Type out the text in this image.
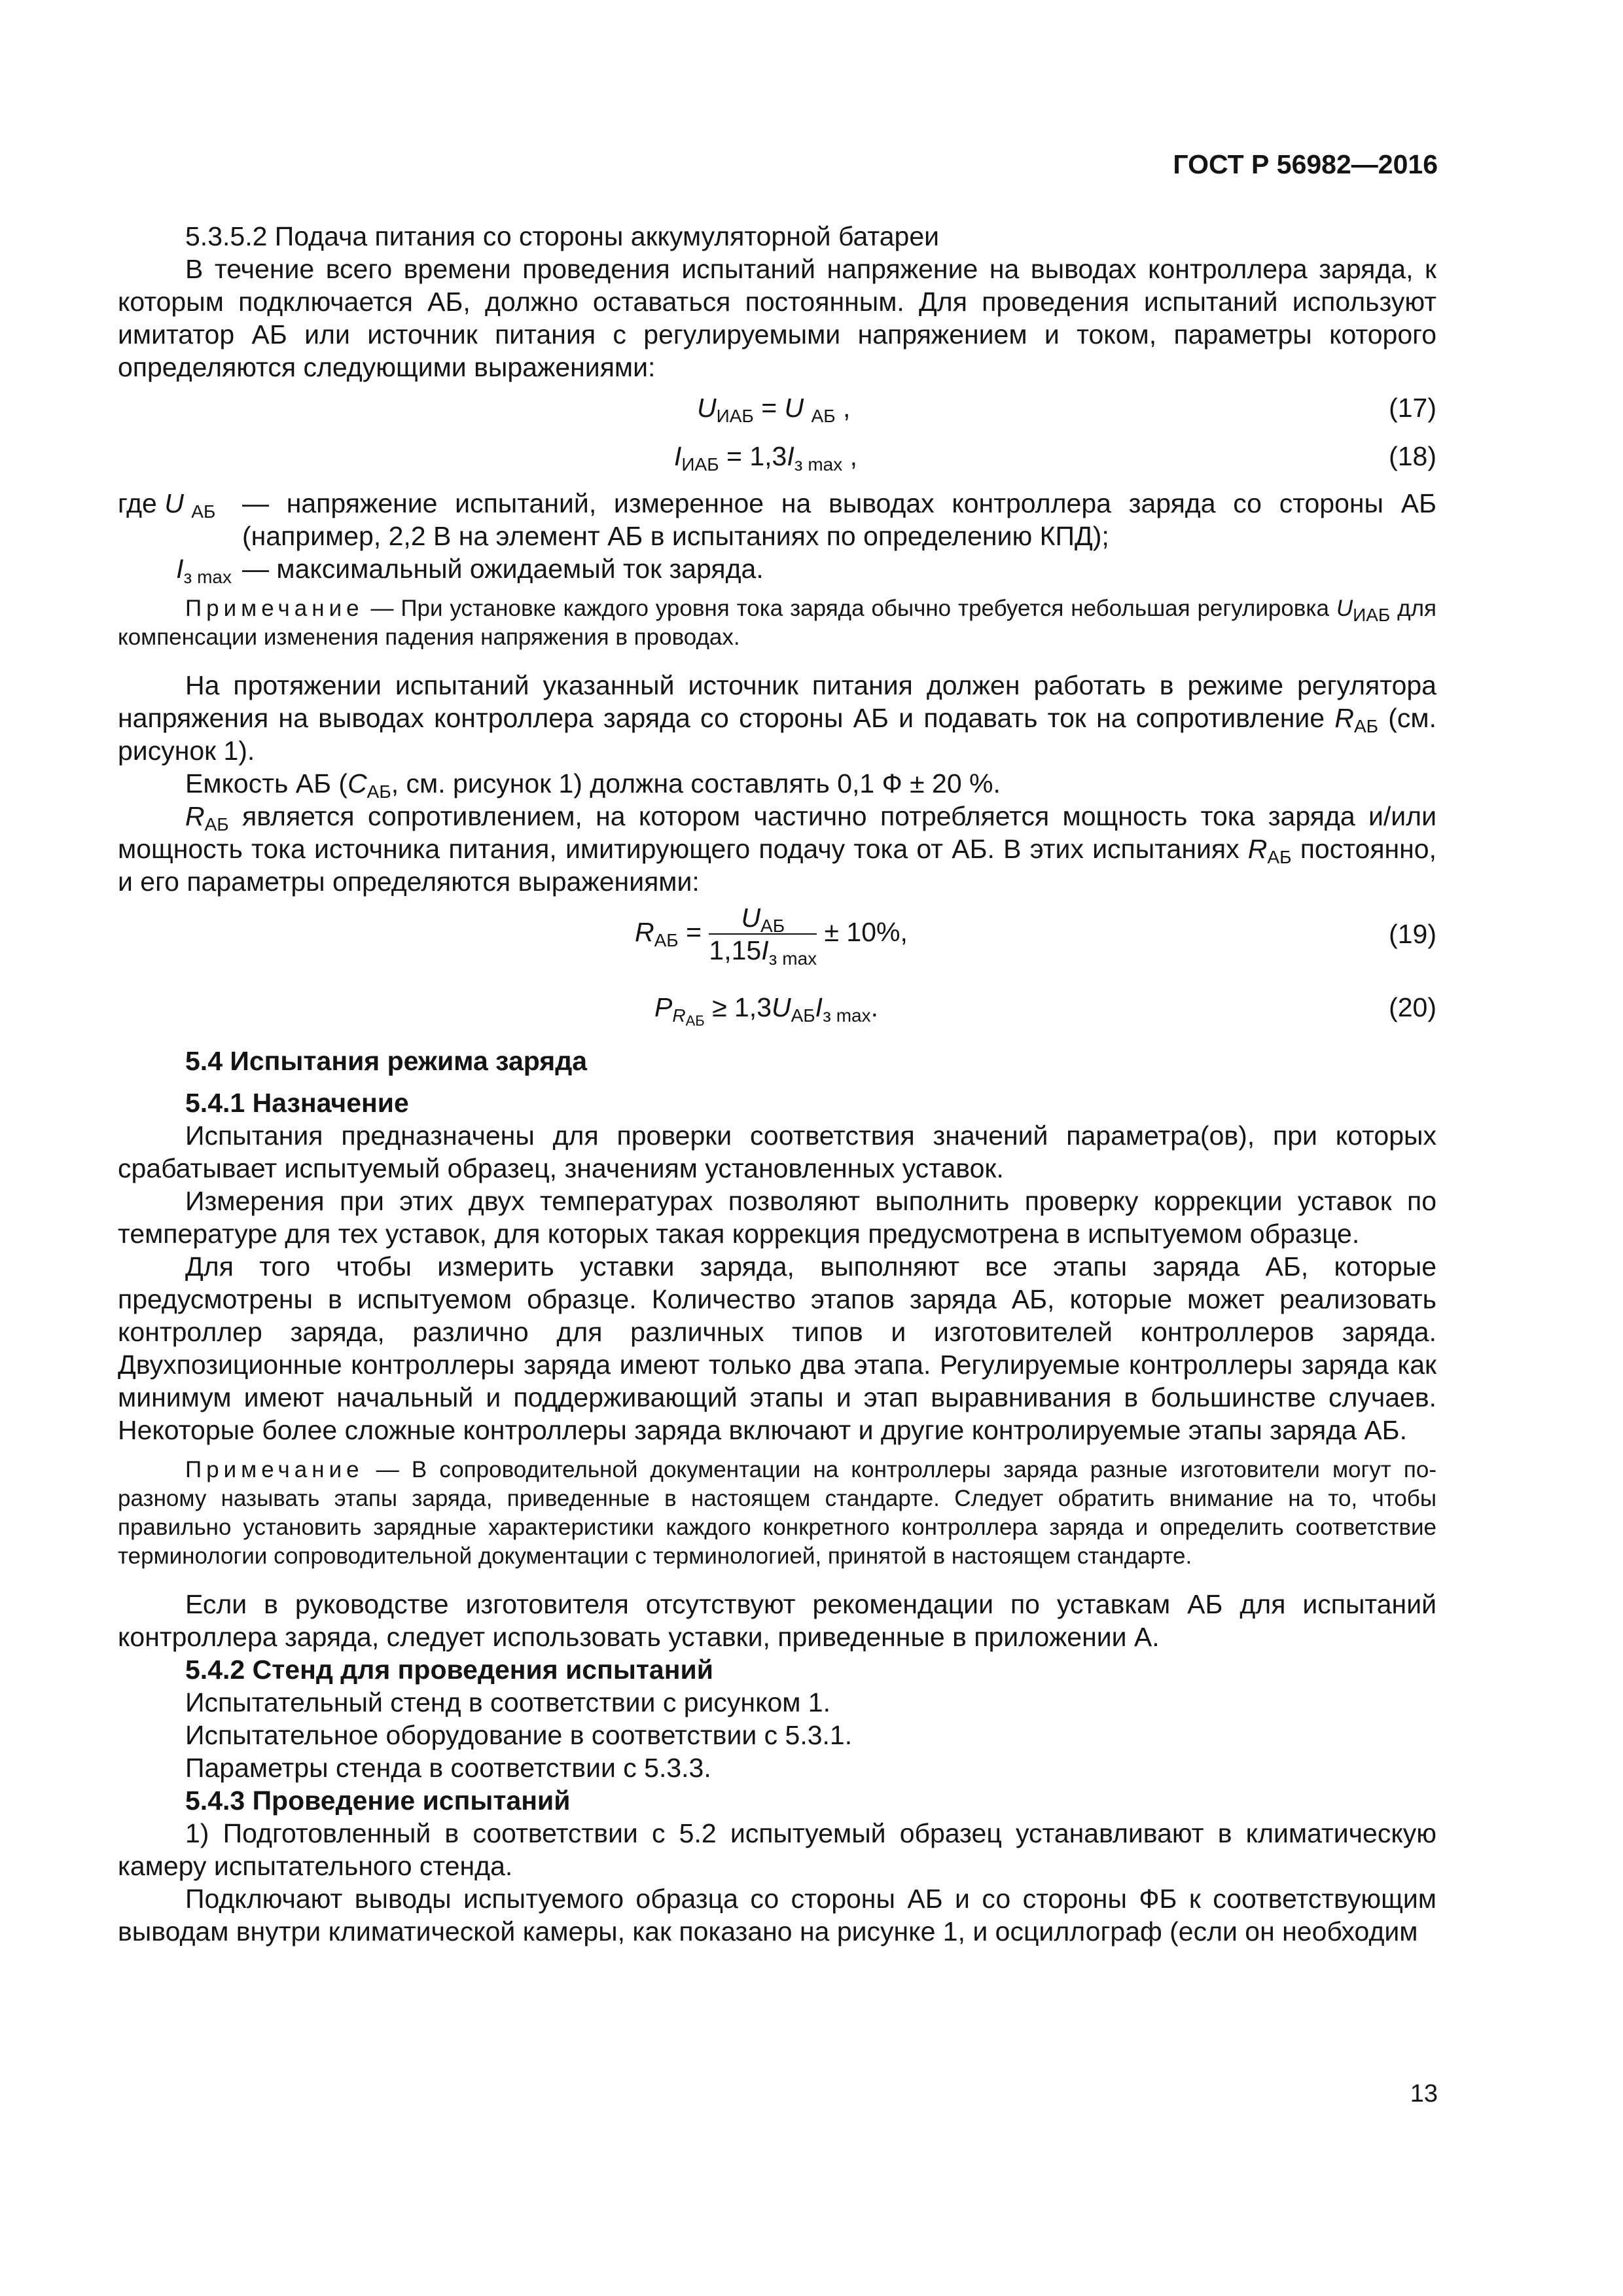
ГОСТ Р 56982—2016

5.3.5.2 Подача питания со стороны аккумуляторной батареи

В течение всего времени проведения испытаний напряжение на выводах контроллера заряда, к которым подключается АБ, должно оставаться постоянным. Для проведения испытаний используют имитатор АБ или источник питания с регулируемыми напряжением и током, параметры которого определяются следующими выражениями:

$U_{ИАБ} = U$ $_{АБ}$ ,	(17)
$I_{ИАБ} = 1,3I_{з max}$ ,	(18)
где U $_{АБ}$ — напряжение испытаний, измеренное на выводах контроллера заряда со стороны АБ (например, 2,2 В на элемент АБ в испытаниях по определению КПД);
$I_{з max}$ — максимальный ожидаемый ток заряда.

Примечание — При установке каждого уровня тока заряда обычно требуется небольшая регулировка $U_{ИАБ}$ для компенсации изменения падения напряжения в проводах.

На протяжении испытаний указанный источник питания должен работать в режиме регулятора напряжения на выводах контроллера заряда со стороны АБ и подавать ток на сопротивление $R_{АБ}$ (см. рисунок 1).

Емкость АБ ($C_{АБ}$, см. рисунок 1) должна составлять 0,1 Ф ± 20 %.

$R_{АБ}$ является сопротивлением, на котором частично потребляется мощность тока заряда и/или мощность тока источника питания, имитирующего подачу тока от АБ. В этих испытаниях $R_{АБ}$ постоянно, и его параметры определяются выражениями:

$R_{АБ} = \frac{U_{АБ}}{1,15I_{з max}} \pm 10\%$,	(19)
$P_{R_{АБ}} \ge 1,3U_{АБ}I_{з max}$.	(20)

5.4 Испытания режима заряда

5.4.1 Назначение

Испытания предназначены для проверки соответствия значений параметра(ов), при которых срабатывает испытуемый образец, значениям установленных уставок.

Измерения при этих двух температурах позволяют выполнить проверку коррекции уставок по температуре для тех уставок, для которых такая коррекция предусмотрена в испытуемом образце.

Для того чтобы измерить уставки заряда, выполняют все этапы заряда АБ, которые предусмотрены в испытуемом образце. Количество этапов заряда АБ, которые может реализовать контроллер заряда, различно для различных типов и изготовителей контроллеров заряда. Двухпозиционные контроллеры заряда имеют только два этапа. Регулируемые контроллеры заряда как минимум имеют начальный и поддерживающий этапы и этап выравнивания в большинстве случаев. Некоторые более сложные контроллеры заряда включают и другие контролируемые этапы заряда АБ.

Примечание — В сопроводительной документации на контроллеры заряда разные изготовители могут по-разному называть этапы заряда, приведенные в настоящем стандарте. Следует обратить внимание на то, чтобы правильно установить зарядные характеристики каждого конкретного контроллера заряда и определить соответствие терминологии сопроводительной документации с терминологией, принятой в настоящем стандарте.

Если в руководстве изготовителя отсутствуют рекомендации по уставкам АБ для испытаний контроллера заряда, следует использовать уставки, приведенные в приложении А.

5.4.2 Стенд для проведения испытаний

Испытательный стенд в соответствии с рисунком 1.

Испытательное оборудование в соответствии с 5.3.1.

Параметры стенда в соответствии с 5.3.3.

5.4.3 Проведение испытаний

1) Подготовленный в соответствии с 5.2 испытуемый образец устанавливают в климатическую камеру испытательного стенда.

Подключают выводы испытуемого образца со стороны АБ и со стороны ФБ к соответствующим выводам внутри климатической камеры, как показано на рисунке 1, и осциллограф (если он необходим

13
